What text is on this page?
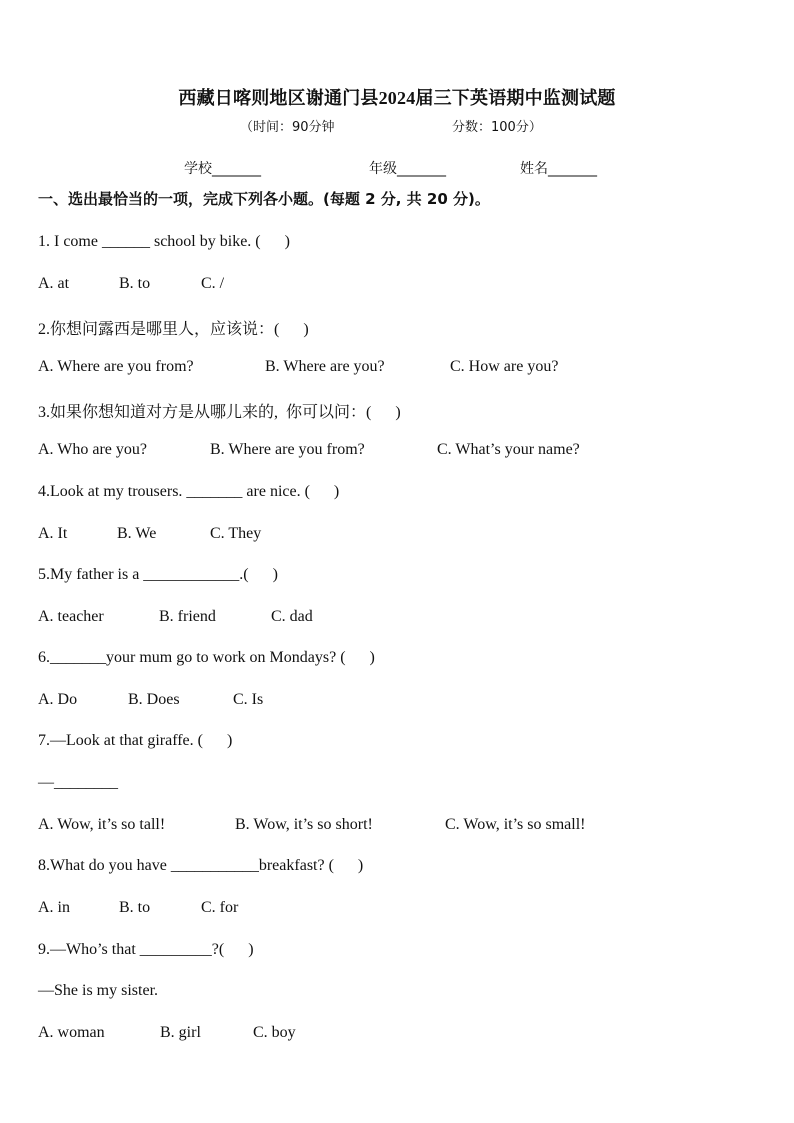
西藏日喀则地区谢通门县2024届三下英语期中监测试题
（时间：90分钟	分数：100分）
学校_______	年级_______	姓名_______
一、选出最恰当的一项，完成下列各小题。(每题 2 分, 共 20 分)。
1. I come ______ school by bike. (      )
A. at	B. to	C. /
2.你想问露西是哪里人，应该说：(      )
A. Where are you from?	B. Where are you?	C. How are you?
3.如果你想知道对方是从哪儿来的,  你可以问：(      )
A. Who are you?	B. Where are you from?	C. What’s your name?
4.Look at my trousers. _______ are nice. (      )
A. It	B. We	C. They
5.My father is a ____________.(      )
A. teacher	B. friend	C. dad
6._______your mum go to work on Mondays? (      )
A. Do	B. Does	C. Is
7.—Look at that giraffe. (      )
—________
A. Wow, it’s so tall!	B. Wow, it’s so short!	C. Wow, it’s so small!
8.What do you have ___________breakfast? (      )
A. in	B. to	C. for
9.—Who’s that _________?(      )
—She is my sister.
A. woman	B. girl	C. boy
